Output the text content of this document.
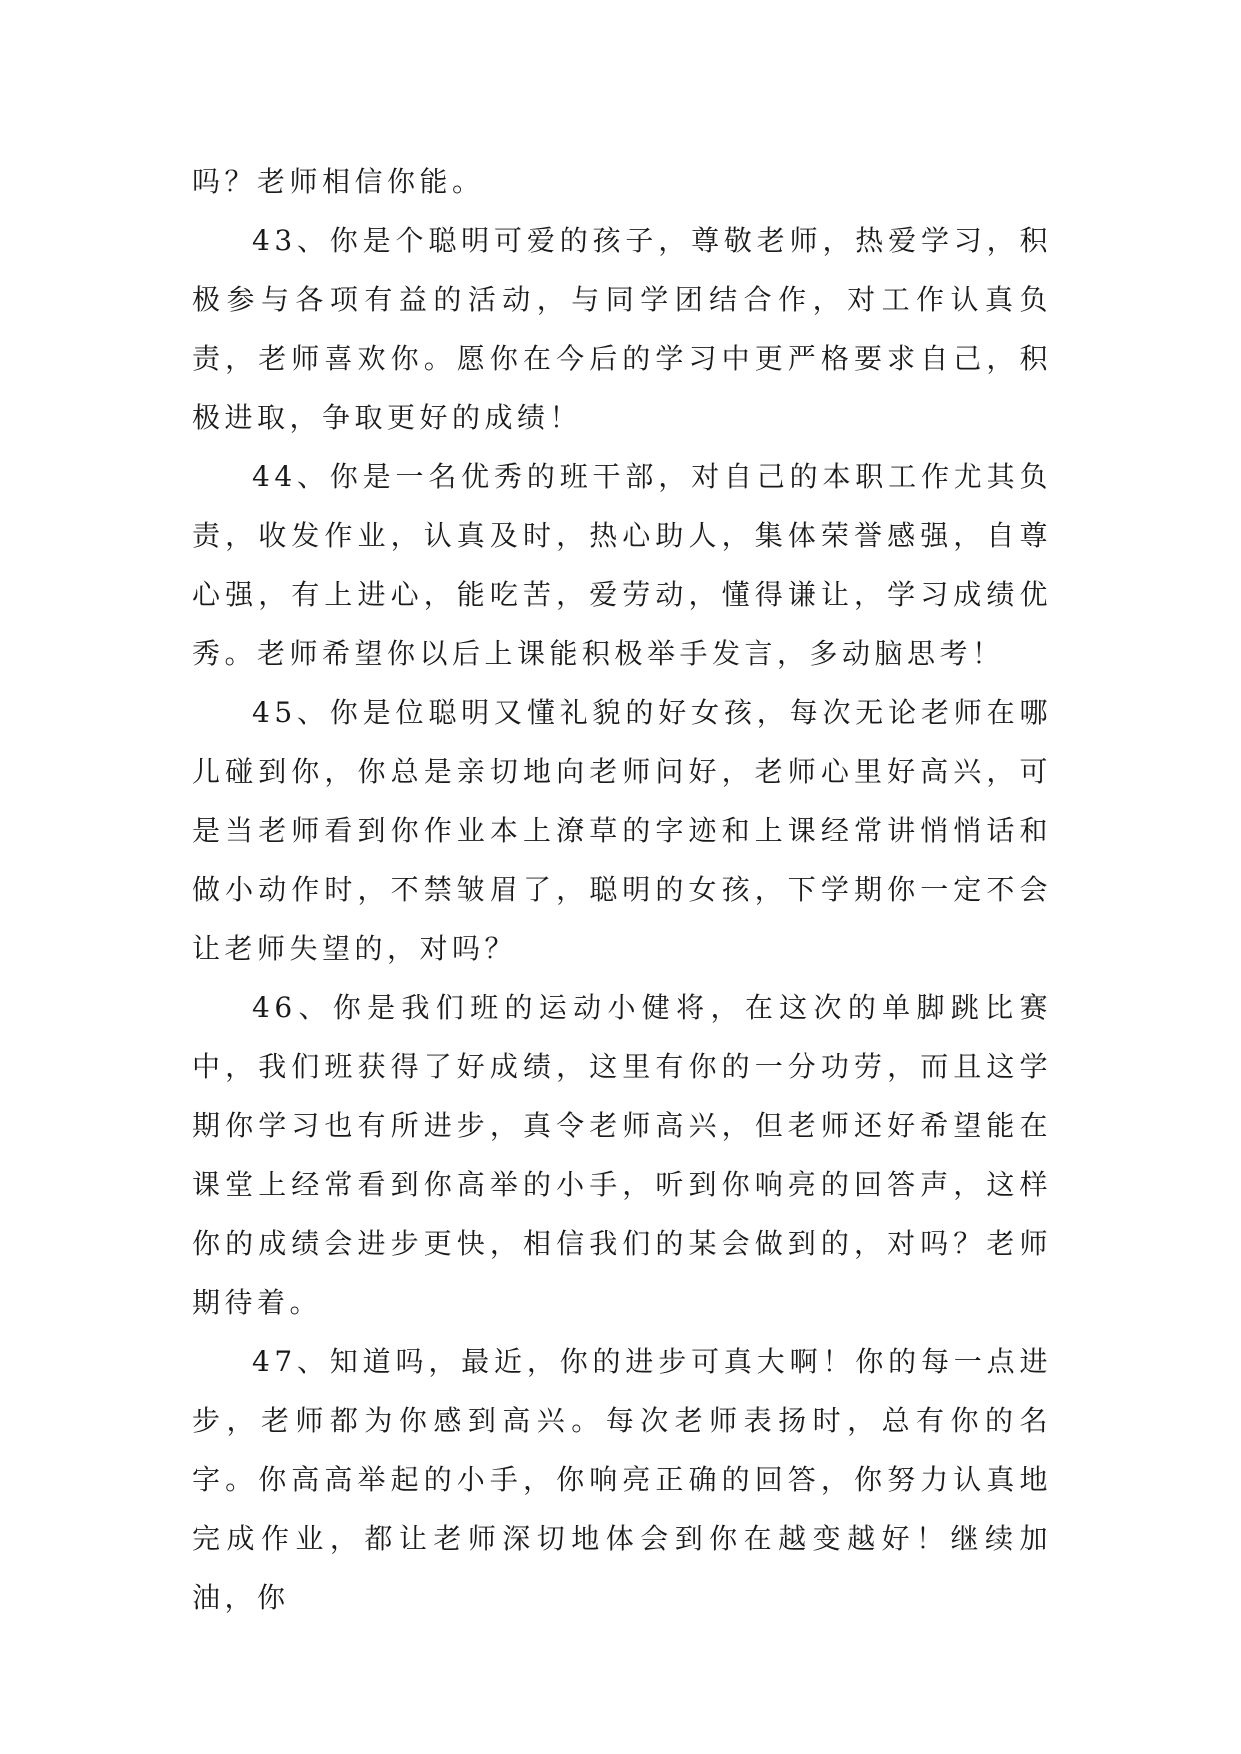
吗？老师相信你能。

43、你是个聪明可爱的孩子，尊敬老师，热爱学习，积极参与各项有益的活动，与同学团结合作，对工作认真负责，老师喜欢你。愿你在今后的学习中更严格要求自己，积极进取，争取更好的成绩！

44、你是一名优秀的班干部，对自己的本职工作尤其负责，收发作业，认真及时，热心助人，集体荣誉感强，自尊心强，有上进心，能吃苦，爱劳动，懂得谦让，学习成绩优秀。老师希望你以后上课能积极举手发言，多动脑思考！

45、你是位聪明又懂礼貌的好女孩，每次无论老师在哪儿碰到你，你总是亲切地向老师问好，老师心里好高兴，可是当老师看到你作业本上潦草的字迹和上课经常讲悄悄话和做小动作时，不禁皱眉了，聪明的女孩，下学期你一定不会让老师失望的，对吗？

46、你是我们班的运动小健将，在这次的单脚跳比赛中，我们班获得了好成绩，这里有你的一分功劳，而且这学期你学习也有所进步，真令老师高兴，但老师还好希望能在课堂上经常看到你高举的小手，听到你响亮的回答声，这样你的成绩会进步更快，相信我们的某会做到的，对吗？老师期待着。

47、知道吗，最近，你的进步可真大啊！你的每一点进步，老师都为你感到高兴。每次老师表扬时，总有你的名字。你高高举起的小手，你响亮正确的回答，你努力认真地完成作业，都让老师深切地体会到你在越变越好！继续加油，你
